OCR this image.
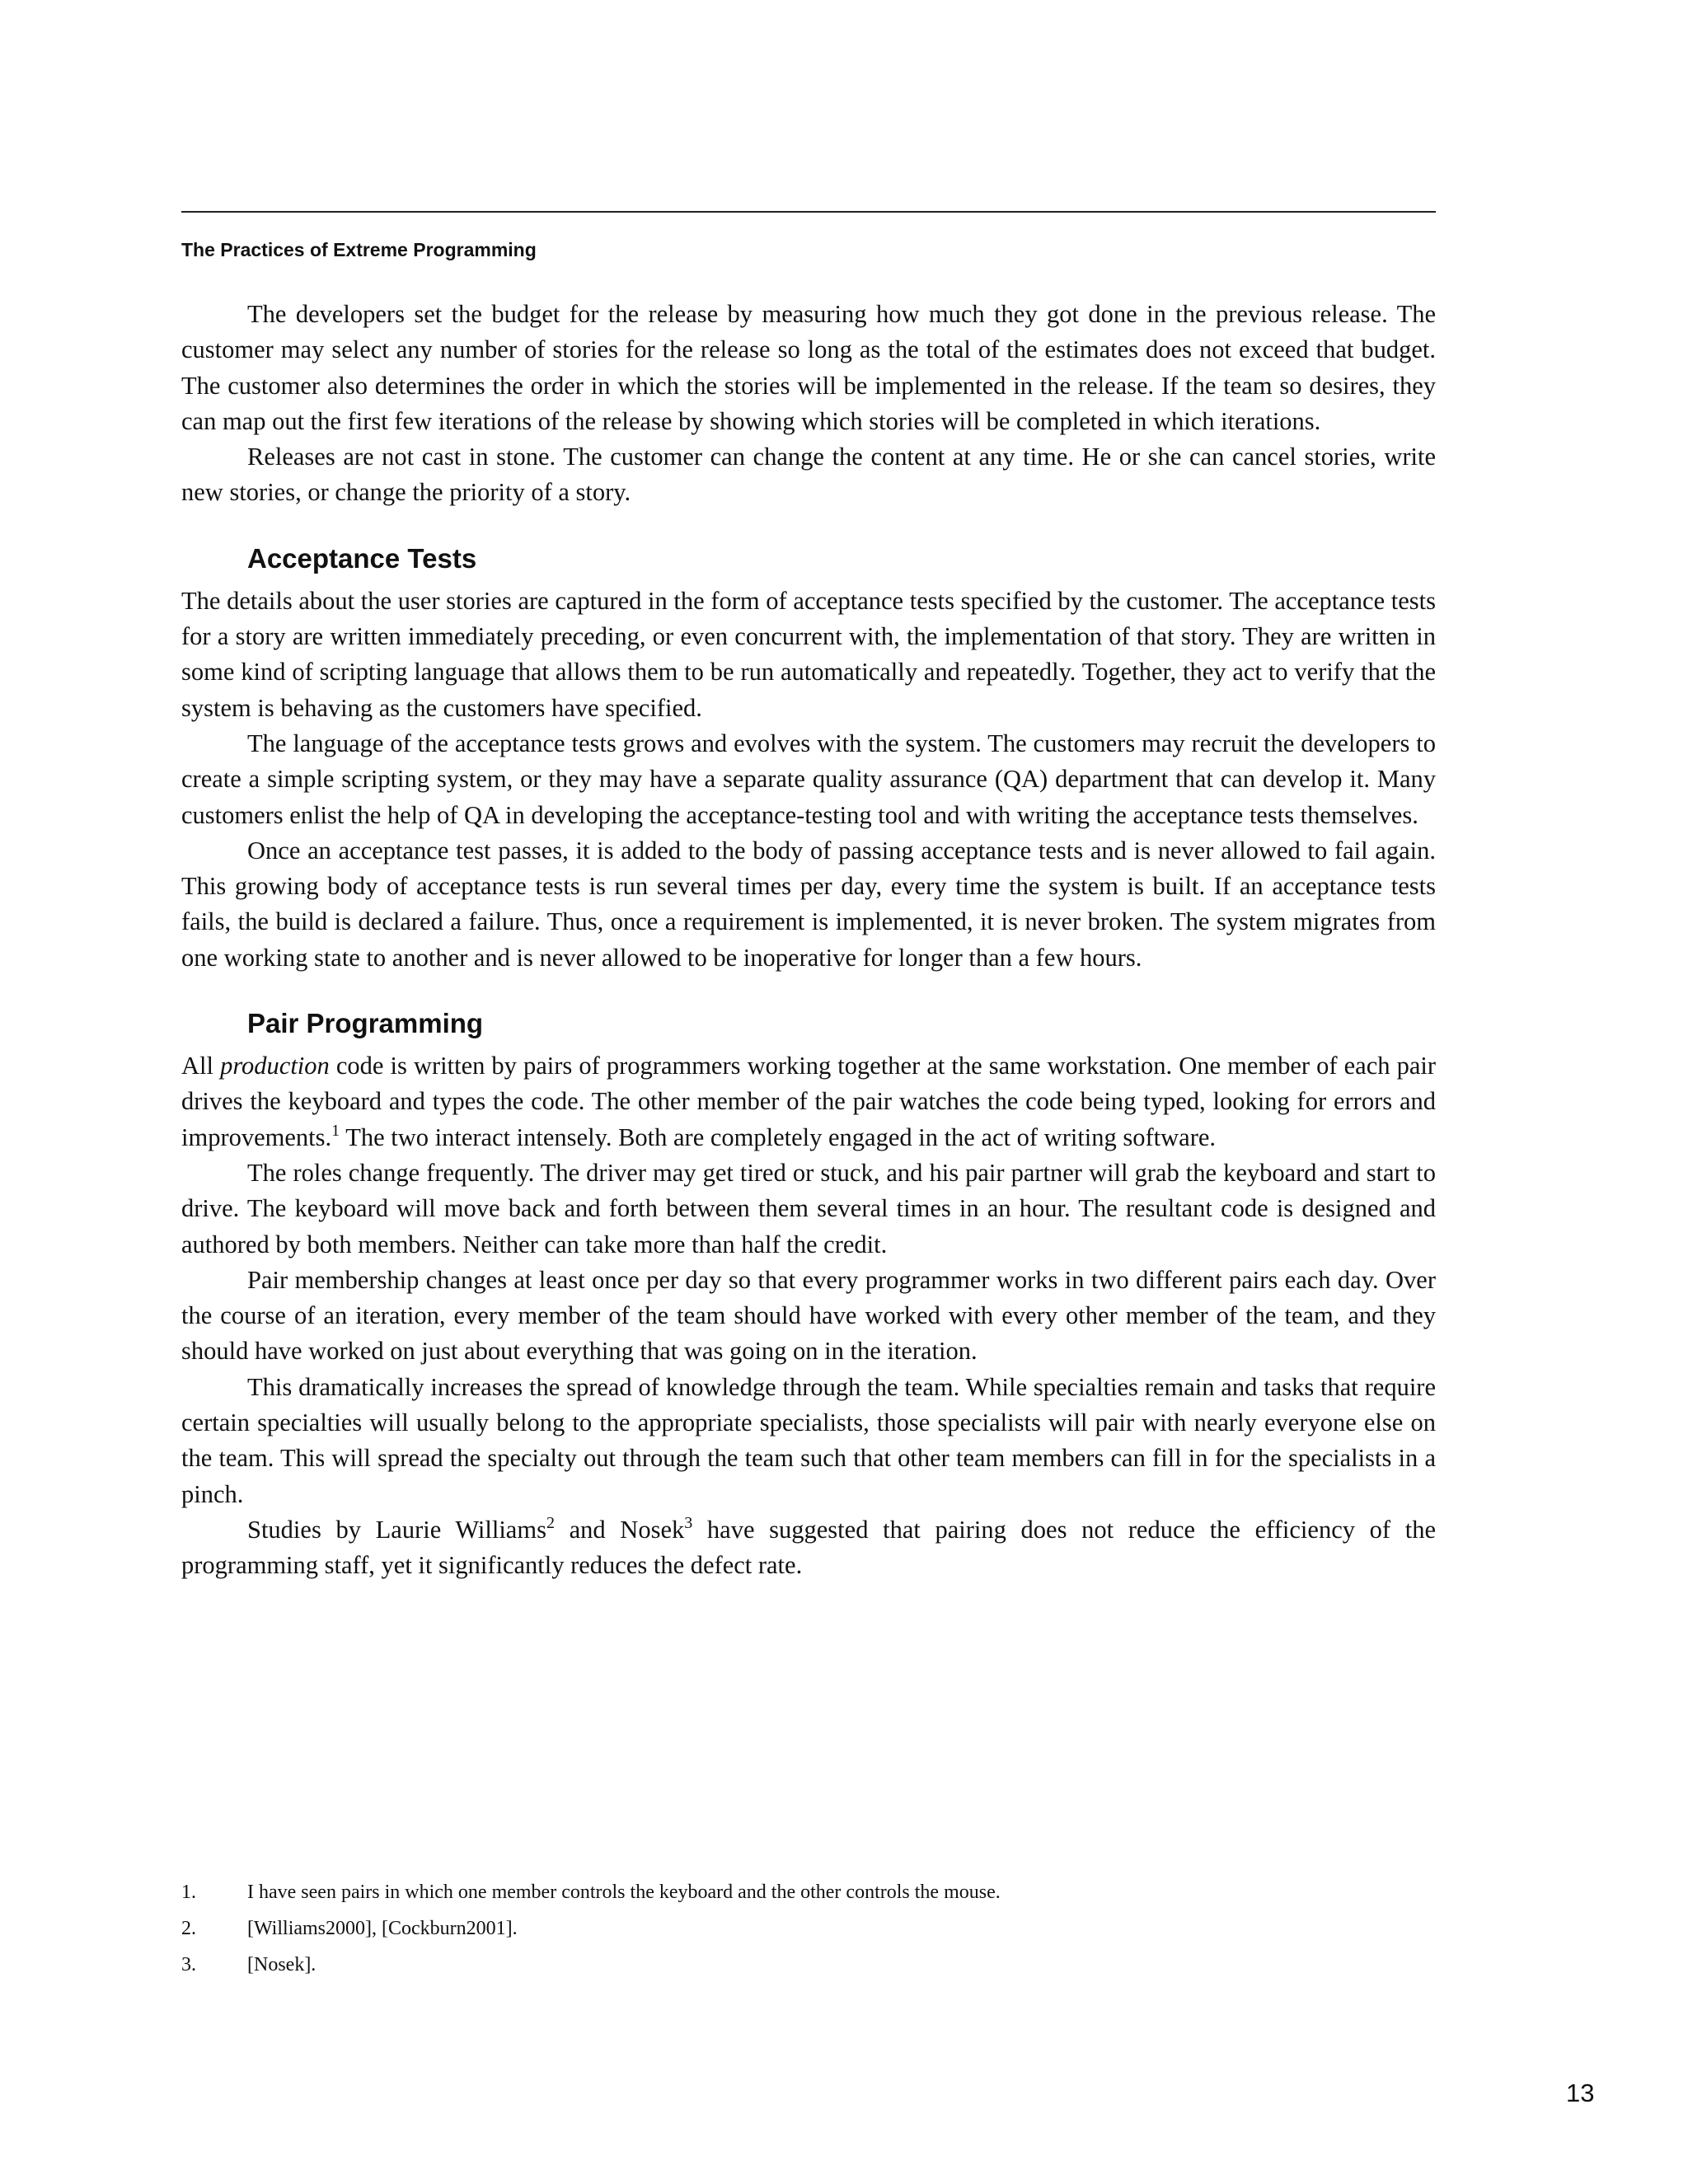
The Practices of Extreme Programming

The developers set the budget for the release by measuring how much they got done in the previous release. The customer may select any number of stories for the release so long as the total of the estimates does not exceed that budget. The customer also determines the order in which the stories will be implemented in the release. If the team so desires, they can map out the first few iterations of the release by showing which stories will be completed in which iterations.

Releases are not cast in stone. The customer can change the content at any time. He or she can cancel stories, write new stories, or change the priority of a story.

Acceptance Tests

The details about the user stories are captured in the form of acceptance tests specified by the customer. The acceptance tests for a story are written immediately preceding, or even concurrent with, the implementation of that story. They are written in some kind of scripting language that allows them to be run automatically and repeatedly. Together, they act to verify that the system is behaving as the customers have specified.

The language of the acceptance tests grows and evolves with the system. The customers may recruit the developers to create a simple scripting system, or they may have a separate quality assurance (QA) department that can develop it. Many customers enlist the help of QA in developing the acceptance-testing tool and with writing the acceptance tests themselves.

Once an acceptance test passes, it is added to the body of passing acceptance tests and is never allowed to fail again. This growing body of acceptance tests is run several times per day, every time the system is built. If an acceptance tests fails, the build is declared a failure. Thus, once a requirement is implemented, it is never broken. The system migrates from one working state to another and is never allowed to be inoperative for longer than a few hours.

Pair Programming

All production code is written by pairs of programmers working together at the same workstation. One member of each pair drives the keyboard and types the code. The other member of the pair watches the code being typed, looking for errors and improvements.$^1$ The two interact intensely. Both are completely engaged in the act of writing software.

The roles change frequently. The driver may get tired or stuck, and his pair partner will grab the keyboard and start to drive. The keyboard will move back and forth between them several times in an hour. The resultant code is designed and authored by both members. Neither can take more than half the credit.

Pair membership changes at least once per day so that every programmer works in two different pairs each day. Over the course of an iteration, every member of the team should have worked with every other member of the team, and they should have worked on just about everything that was going on in the iteration.

This dramatically increases the spread of knowledge through the team. While specialties remain and tasks that require certain specialties will usually belong to the appropriate specialists, those specialists will pair with nearly everyone else on the team. This will spread the specialty out through the team such that other team members can fill in for the specialists in a pinch.

Studies by Laurie Williams$^2$ and Nosek$^3$ have suggested that pairing does not reduce the efficiency of the programming staff, yet it significantly reduces the defect rate.

1.	I have seen pairs in which one member controls the keyboard and the other controls the mouse.
2.	[Williams2000], [Cockburn2001].
3.	[Nosek].
13
